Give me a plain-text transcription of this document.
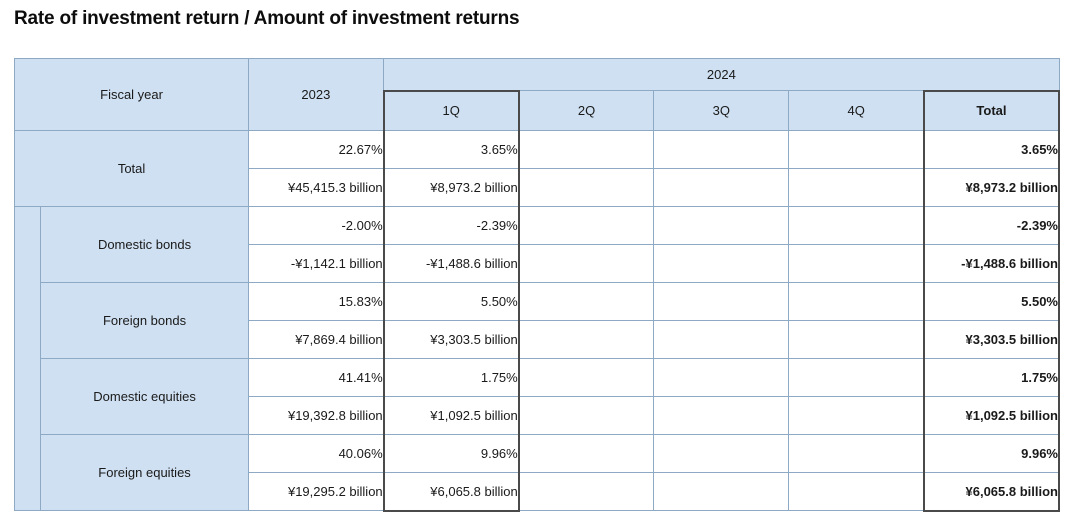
Rate of investment return / Amount of investment returns
Fiscal year		2023	2024				
			1Q	2Q	3Q	4Q	Total
Total		22.67%	3.65%				3.65%
		¥45,415.3 billion	¥8,973.2 billion				¥8,973.2 billion
	Domestic bonds	-2.00%	-2.39%				-2.39%
		-¥1,142.1 billion	-¥1,488.6 billion				-¥1,488.6 billion
	Foreign bonds	15.83%	5.50%				5.50%
		¥7,869.4 billion	¥3,303.5 billion				¥3,303.5 billion
	Domestic equities	41.41%	1.75%				1.75%
		¥19,392.8 billion	¥1,092.5 billion				¥1,092.5 billion
	Foreign equities	40.06%	9.96%				9.96%
		¥19,295.2 billion	¥6,065.8 billion				¥6,065.8 billion
